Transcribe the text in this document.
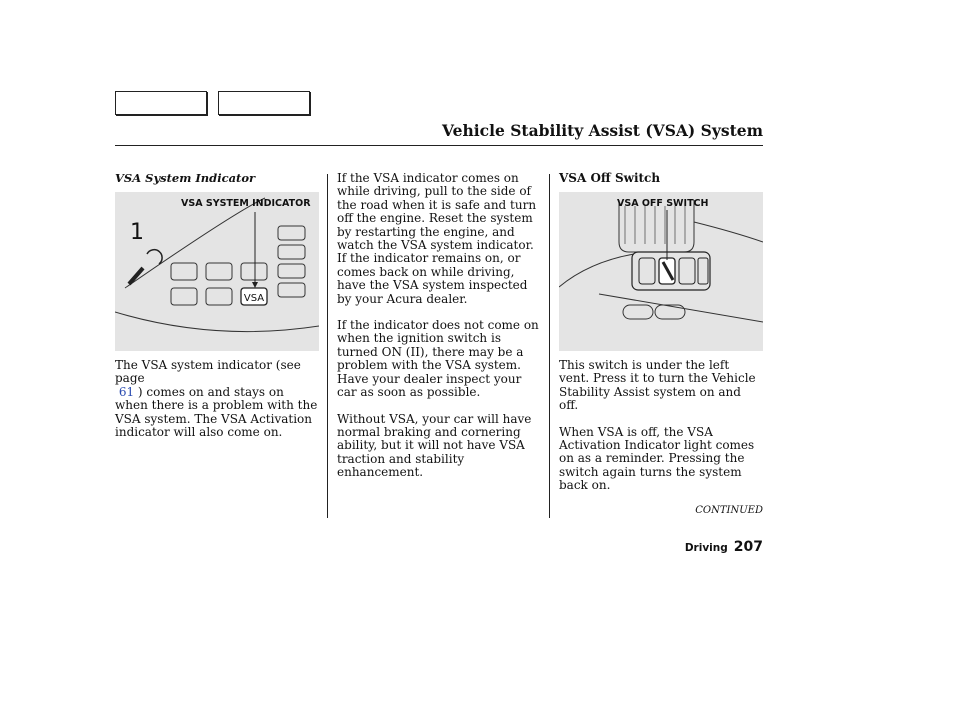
Vehicle Stability Assist (VSA) System
VSA System Indicator
1
VSA
VSA SYSTEM INDICATOR

The VSA system indicator (see page
61 ) comes on and stays on when there is a problem with the VSA system. The VSA Activation indicator will also come on.

If the VSA indicator comes on while driving, pull to the side of the road when it is safe and turn off the engine. Reset the system by restarting the engine, and watch the VSA system indicator. If the indicator remains on, or comes back on while driving, have the VSA system inspected by your Acura dealer.

If the indicator does not come on when the ignition switch is turned ON (II), there may be a problem with the VSA system. Have your dealer inspect your car as soon as possible.

Without VSA, your car will have normal braking and cornering ability, but it will not have VSA traction and stability enhancement.

VSA Off Switch
VSA OFF SWITCH

This switch is under the left vent. Press it to turn the Vehicle Stability Assist system on and off.

When VSA is off, the VSA Activation Indicator light comes on as a reminder. Pressing the switch again turns the system back on.

CONTINUED
Driving 207
